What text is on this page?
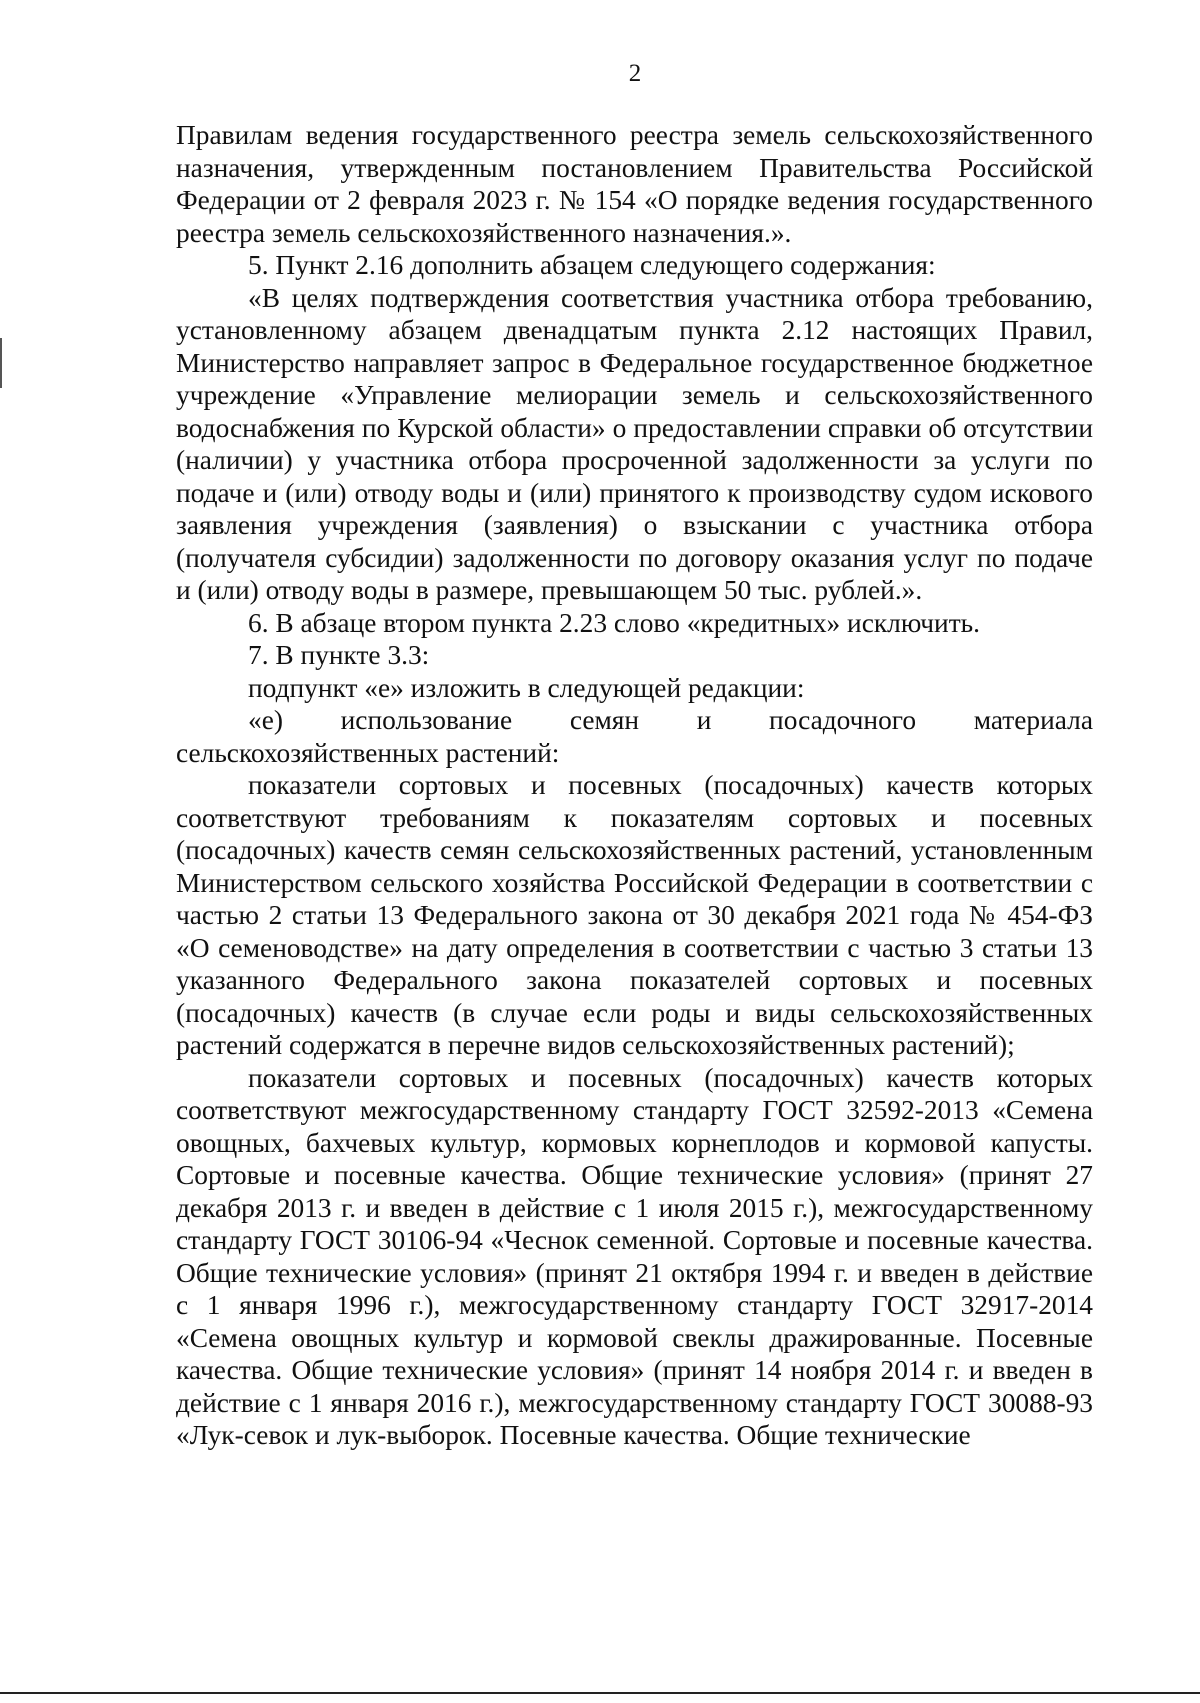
2

Правилам ведения государственного реестра земель сельскохозяйственного назначения, утвержденным постановлением Правительства Российской Федерации от 2 февраля 2023 г. № 154 «О порядке ведения государственного реестра земель сельскохозяйственного назначения.».

5. Пункт 2.16 дополнить абзацем следующего содержания:

«В целях подтверждения соответствия участника отбора требованию, установленному абзацем двенадцатым пункта 2.12 настоящих Правил, Министерство направляет запрос в Федеральное государственное бюджетное учреждение «Управление мелиорации земель и сельскохозяйственного водоснабжения по Курской области» о предоставлении справки об отсутствии (наличии) у участника отбора просроченной задолженности за услуги по подаче и (или) отводу воды и (или) принятого к производству судом искового заявления учреждения (заявления) о взыскании с участника отбора (получателя субсидии) задолженности по договору оказания услуг по подаче и (или) отводу воды в размере, превышающем 50 тыс. рублей.».

6. В абзаце втором пункта 2.23 слово «кредитных» исключить.

7. В пункте 3.3:

подпункт «е» изложить в следующей редакции:

«е) использование семян и посадочного материала сельскохозяйственных растений:

показатели сортовых и посевных (посадочных) качеств которых соответствуют требованиям к показателям сортовых и посевных (посадочных) качеств семян сельскохозяйственных растений, установленным Министерством сельского хозяйства Российской Федерации в соответствии с частью 2 статьи 13 Федерального закона от 30 декабря 2021 года № 454-ФЗ «О семеноводстве» на дату определения в соответствии с частью 3 статьи 13 указанного Федерального закона показателей сортовых и посевных (посадочных) качеств (в случае если роды и виды сельскохозяйственных растений содержатся в перечне видов сельскохозяйственных растений);

показатели сортовых и посевных (посадочных) качеств которых соответствуют межгосударственному стандарту ГОСТ 32592-2013 «Семена овощных, бахчевых культур, кормовых корнеплодов и кормовой капусты. Сортовые и посевные качества. Общие технические условия» (принят 27 декабря 2013 г. и введен в действие с 1 июля 2015 г.), межгосударственному стандарту ГОСТ 30106-94 «Чеснок семенной. Сортовые и посевные качества. Общие технические условия» (принят 21 октября 1994 г. и введен в действие с 1 января 1996 г.), межгосударственному стандарту ГОСТ 32917-2014 «Семена овощных культур и кормовой свеклы дражированные. Посевные качества. Общие технические условия» (принят 14 ноября 2014 г. и введен в действие с 1 января 2016 г.), межгосударственному стандарту ГОСТ 30088-93 «Лук-севок и лук-выборок. Посевные качества. Общие технические
